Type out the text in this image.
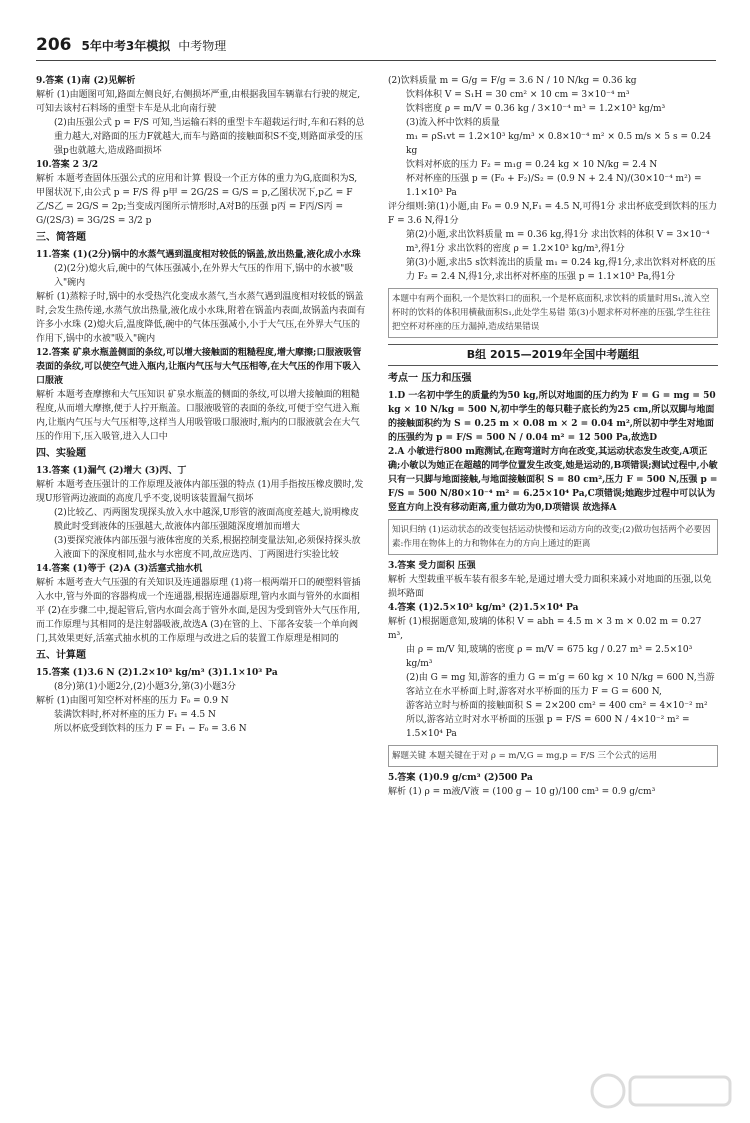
206 5年中考3年模拟 中考物理
9.答案 (1)南 (2)见解析
解析 (1)由题图可知,路面左侧良好,右侧损坏严重,由根据我国车辆靠右行驶的规定,可知去该村石料场的重型卡车是从北向南行驶
(2)由压强公式 p = F/S 可知,当运输石料的重型卡车超载运行时,车和石料的总重力越大,对路面的压力F就越大,而车与路面的接触面积S不变,则路面承受的压强p也就越大,造成路面损坏
10.答案 2 3/2
解析 本题考查固体压强公式的应用和计算 假设一个正方体的重力为G,底面积为S,甲图状况下,由公式 p = F/S 得 p甲 = 2G/2S = G/S = p,乙图状况下,p乙 = F乙/S乙 = 2G/S = 2p;当变成丙图所示情形时,A对B的压强 p丙 = F丙/S丙 = G/(2S/3) = 3G/2S = 3/2 p
三、简答题
11.答案 (1)(2分)锅中的水蒸气遇到温度相对较低的锅盖,放出热量,液化成小水珠
(2)(2分)熄火后,碗中的气体压强减小,在外界大气压的作用下,锅中的水被"吸入"碗内
解析 (1)蒸粽子时,锅中的水受热汽化变成水蒸气,当水蒸气遇到温度相对较低的锅盖时,会发生热传递,水蒸气放出热量,液化成小水珠,附着在锅盖内表面,故锅盖内表面有许多小水珠 (2)熄火后,温度降低,碗中的气体压强减小,小于大气压,在外界大气压的作用下,锅中的水被"吸入"碗内
12.答案 矿泉水瓶盖侧面的条纹,可以增大接触面的粗糙程度,增大摩擦;口服液吸管表面的条纹,可以使空气进入瓶内,让瓶内气压与大气压相等,在大气压的作用下吸入口服液
解析 本题考查摩擦和大气压知识 矿泉水瓶盖的侧面的条纹,可以增大接触面的粗糙程度,从而增大摩擦,便于人拧开瓶盖。口服液吸管的表面的条纹,可便于空气进入瓶内,让瓶内气压与大气压相等,这样当人用吸管吸口服液时,瓶内的口服液就会在大气压的作用下,压入吸管,进入人口中
四、实验题
13.答案 (1)漏气 (2)增大 (3)丙、丁
解析 本题考查压强计的工作原理及液体内部压强的特点 (1)用手指按压橡皮膜时,发现U形管两边液面的高度几乎不变,说明该装置漏气损坏
(2)比较乙、丙两图发现探头放入水中越深,U形管的液面高度差越大,说明橡皮膜此时受到液体的压强越大,故液体内部压强随深度增加而增大
(3)要探究液体内部压强与液体密度的关系,根据控制变量法知,必须保持探头放入液面下的深度相同,盐水与水密度不同,故应选丙、丁两图进行实验比较
14.答案 (1)等于 (2)A (3)活塞式抽水机
解析 本题考查大气压强的有关知识及连通器原理 (1)将一根两端开口的硬塑料管插入水中,管与外面的容器构成一个连通器,根据连通器原理,管内水面与管外的水面相平 (2)在步骤二中,提起管后,管内水面会高于管外水面,是因为受到管外大气压作用,而工作原理与其相同的是注射器吸液,故选A (3)在管的上、下部各安装一个单向阀门,其效果更好,活塞式抽水机的工作原理与改进之后的装置工作原理是相同的
五、计算题
15.答案 (1)3.6 N (2)1.2×10³ kg/m³ (3)1.1×10³ Pa
(8分)第(1)小题2分,(2)小题3分,第(3)小题3分
解析 (1)由图可知空杯对杯座的压力 F₀ = 0.9 N
装满饮料时,杯对杯座的压力 F₁ = 4.5 N
所以杯底受到饮料的压力 F = F₁ − F₀ = 3.6 N
(2)饮料质量 m = G/g = F/g = 3.6 N / 10 N/kg = 0.36 kg
饮料体积 V = S₁H = 30 cm² × 10 cm = 3×10⁻⁴ m³
饮料密度 ρ = m/V = 0.36 kg / 3×10⁻⁴ m³ = 1.2×10³ kg/m³
(3)流入杯中饮料的质量
m₁ = ρS₁vt = 1.2×10³ kg/m³ × 0.8×10⁻⁴ m² × 0.5 m/s × 5 s = 0.24 kg
饮料对杯底的压力 F₂ = m₁g = 0.24 kg × 10 N/kg = 2.4 N
杯对杯座的压强 p = (F₀ + F₂)/S₂ = (0.9 N + 2.4 N)/(30×10⁻⁴ m²) = 1.1×10³ Pa
评分细则:第(1)小题,由 F₀ = 0.9 N,F₁ = 4.5 N,可得1分 求出杯底受到饮料的压力 F = 3.6 N,得1分
第(2)小题,求出饮料质量 m = 0.36 kg,得1分 求出饮料的体积 V = 3×10⁻⁴ m³,得1分 求出饮料的密度 ρ = 1.2×10³ kg/m³,得1分
第(3)小题,求出5 s饮料流出的质量 m₁ = 0.24 kg,得1分,求出饮料对杯底的压力 F₂ = 2.4 N,得1分,求出杯对杯座的压强 p = 1.1×10³ Pa,得1分
本题中有两个面积,一个是饮料口的面积,一个是杯底面积,求饮料的质量时用S₁,流入空杯时的饮料的体积用横截面积S₁,此处学生易错 第(3)小题求杯对杯座的压强,学生往往把空杯对杯座的压力漏掉,造成结果错误
B组 2015—2019年全国中考题组
考点一 压力和压强
1.D 一名初中学生的质量约为50 kg,所以对地面的压力约为 F = G = mg = 50 kg × 10 N/kg = 500 N,初中学生的每只鞋子底长约为25 cm,所以双脚与地面的接触面积约为 S = 0.25 m × 0.08 m × 2 = 0.04 m²,所以初中学生对地面的压强约为 p = F/S = 500 N / 0.04 m² = 12 500 Pa,故选D
2.A 小敏进行800 m跑测试,在跑弯道时方向在改变,其运动状态发生改变,A项正确;小敏以为她正在超越的同学位置发生改变,她是运动的,B项错误;测试过程中,小敏只有一只脚与地面接触,与地面接触面积 S = 80 cm²,压力 F = 500 N,压强 p = F/S = 500 N/80×10⁻⁴ m² = 6.25×10⁴ Pa,C项错误;她跑步过程中可以认为竖直方向上没有移动距离,重力做功为0,D项错误 故选择A
知识归纳 (1)运动状态的改变包括运动快慢和运动方向的改变;(2)做功包括两个必要因素:作用在物体上的力和物体在力的方向上通过的距离
3.答案 受力面积 压强
解析 大型载重平板车装有很多车轮,是通过增大受力面积来减小对地面的压强,以免损坏路面
4.答案 (1)2.5×10³ kg/m³ (2)1.5×10⁴ Pa
解析 (1)根据题意知,玻璃的体积 V = abh = 4.5 m × 3 m × 0.02 m = 0.27 m³,
由 ρ = m/V 知,玻璃的密度 ρ = m/V = 675 kg / 0.27 m³ = 2.5×10³ kg/m³
(2)由 G = mg 知,游客的重力 G = m′g = 60 kg × 10 N/kg = 600 N,当游客站立在水平桥面上时,游客对水平桥面的压力 F = G = 600 N,
游客站立时与桥面的接触面积 S = 2×200 cm² = 400 cm² = 4×10⁻² m²
所以,游客站立时对水平桥面的压强 p = F/S = 600 N / 4×10⁻² m² = 1.5×10⁴ Pa
解题关键 本题关键在于对 ρ = m/V,G = mg,p = F/S 三个公式的运用
5.答案 (1)0.9 g/cm³ (2)500 Pa
解析 (1) ρ = m液/V液 = (100 g − 10 g)/100 cm³ = 0.9 g/cm³
